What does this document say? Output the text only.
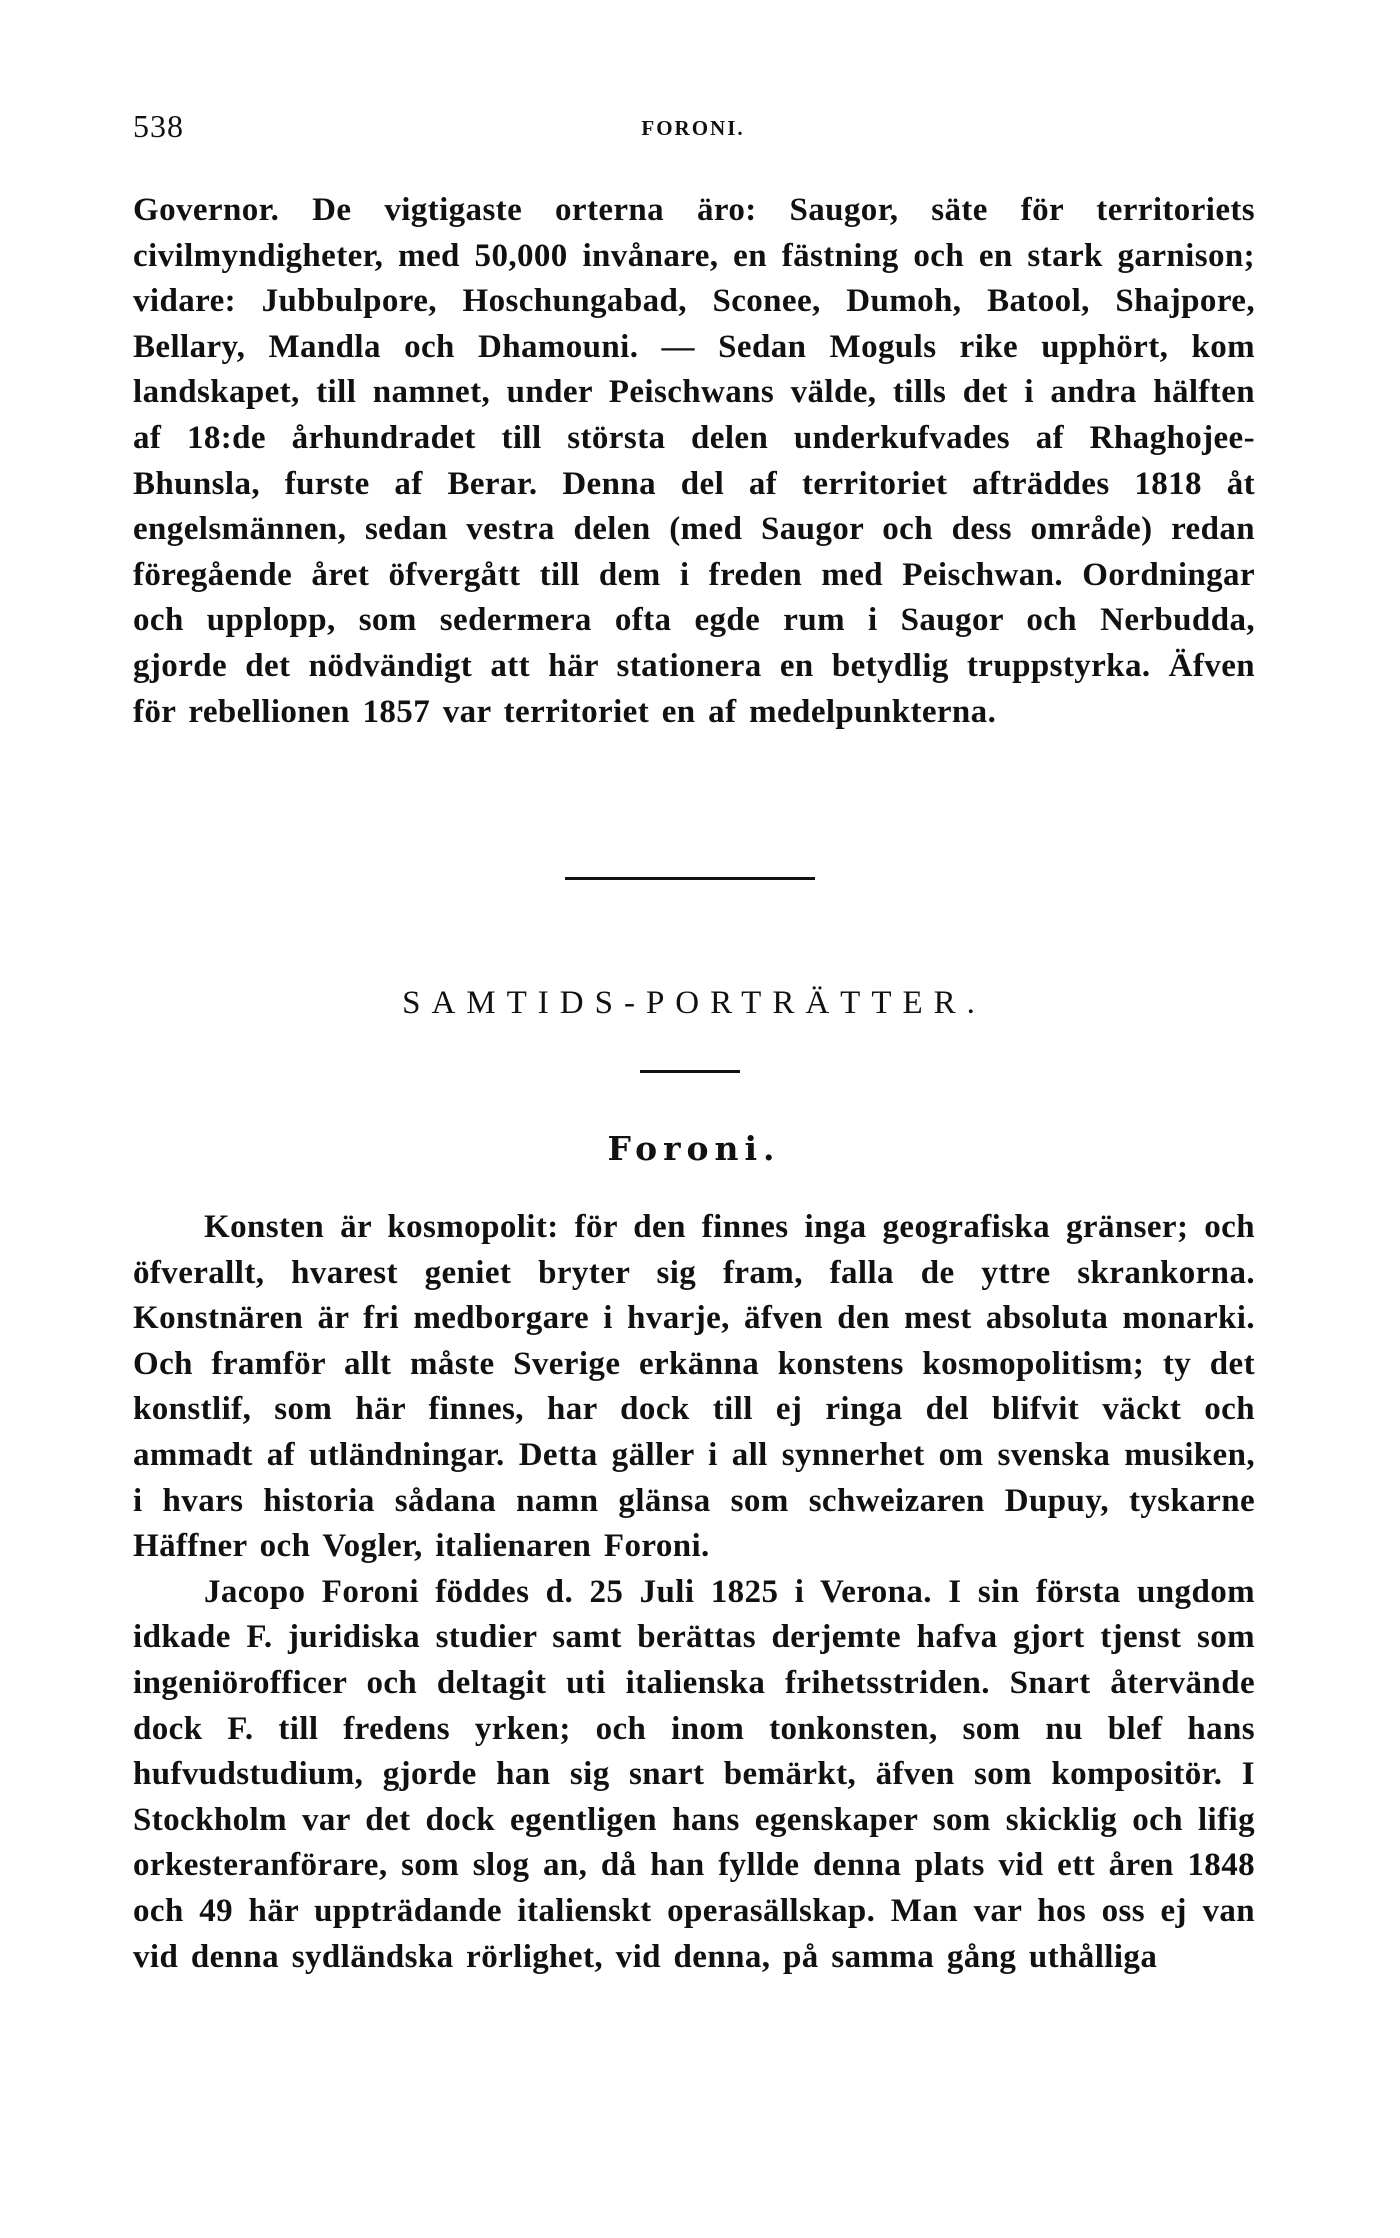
538	FORONI.

Governor. De vigtigaste orterna äro: Saugor, säte för territoriets civilmyndigheter, med 50,000 invånare, en fästning och en stark garnison; vidare: Jubbulpore, Hoschungabad, Sconee, Dumoh, Batool, Shajpore, Bellary, Mandla och Dhamouni. — Sedan Moguls rike upphört, kom landskapet, till namnet, under Peischwans välde, tills det i andra hälften af 18:de århundradet till största delen underkufvades af Rhaghojee-Bhunsla, furste af Berar. Denna del af territoriet afträddes 1818 åt engelsmännen, sedan vestra delen (med Saugor och dess område) redan föregående året öfvergått till dem i freden med Peischwan. Oordningar och upplopp, som sedermera ofta egde rum i Saugor och Nerbudda, gjorde det nödvändigt att här stationera en betydlig truppstyrka. Äfven för rebellionen 1857 var territoriet en af medelpunkterna.

SAMTIDS-PORTRÄTTER.
Foroni.

Konsten är kosmopolit: för den finnes inga geografiska gränser; och öfverallt, hvarest geniet bryter sig fram, falla de yttre skrankorna. Konstnären är fri medborgare i hvarje, äfven den mest absoluta monarki. Och framför allt måste Sverige erkänna konstens kosmopolitism; ty det konstlif, som här finnes, har dock till ej ringa del blifvit väckt och ammadt af utländningar. Detta gäller i all synnerhet om svenska musiken, i hvars historia sådana namn glänsa som schweizaren Dupuy, tyskarne Häffner och Vogler, italienaren Foroni.

Jacopo Foroni föddes d. 25 Juli 1825 i Verona. I sin första ungdom idkade F. juridiska studier samt berättas derjemte hafva gjort tjenst som ingeniörofficer och deltagit uti italienska frihetsstriden. Snart återvände dock F. till fredens yrken; och inom tonkonsten, som nu blef hans hufvudstudium, gjorde han sig snart bemärkt, äfven som kompositör. I Stockholm var det dock egentligen hans egenskaper som skicklig och lifig orkesteranförare, som slog an, då han fyllde denna plats vid ett åren 1848 och 49 här uppträdande italienskt operasällskap. Man var hos oss ej van vid denna sydländska rörlighet, vid denna, på samma gång uthålliga
